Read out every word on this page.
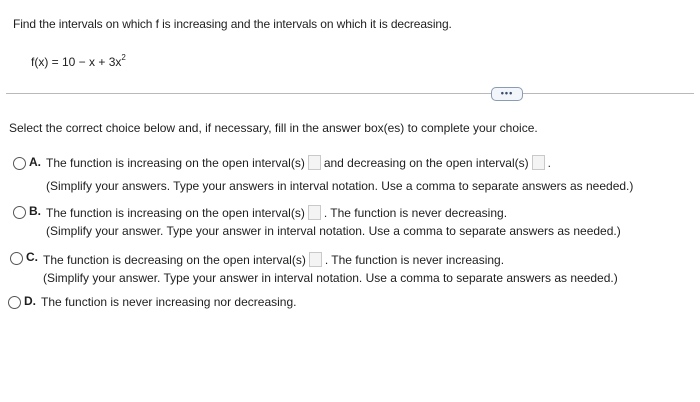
Find the intervals on which f is increasing and the intervals on which it is decreasing.
$f(x) = 10 - x + 3x^2$
•••
Select the correct choice below and, if necessary, fill in the answer box(es) to complete your choice.
A. The function is increasing on the open interval(s) and decreasing on the open interval(s) .
(Simplify your answers. Type your answers in interval notation. Use a comma to separate answers as needed.)
B. The function is increasing on the open interval(s) . The function is never decreasing.
(Simplify your answer. Type your answer in interval notation. Use a comma to separate answers as needed.)
C. The function is decreasing on the open interval(s) . The function is never increasing.
(Simplify your answer. Type your answer in interval notation. Use a comma to separate answers as needed.)
D. The function is never increasing nor decreasing.
